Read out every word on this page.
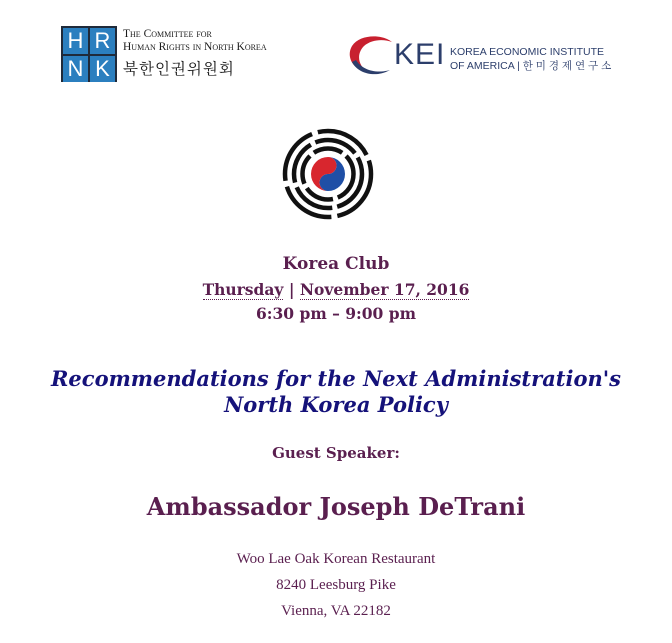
H R
N K
The Committee for
Human Rights in North Korea
북한인권위원회	KEI KOREA ECONOMIC INSTITUTE
OF AMERICA | 한 미 경 제 연 구 소
Korea Club
Thursday | November 17, 2016
6:30 pm – 9:00 pm
Recommendations for the Next Administration's
North Korea Policy
Guest Speaker:
Ambassador Joseph DeTrani
Woo Lae Oak Korean Restaurant
8240 Leesburg Pike
Vienna, VA 22182
